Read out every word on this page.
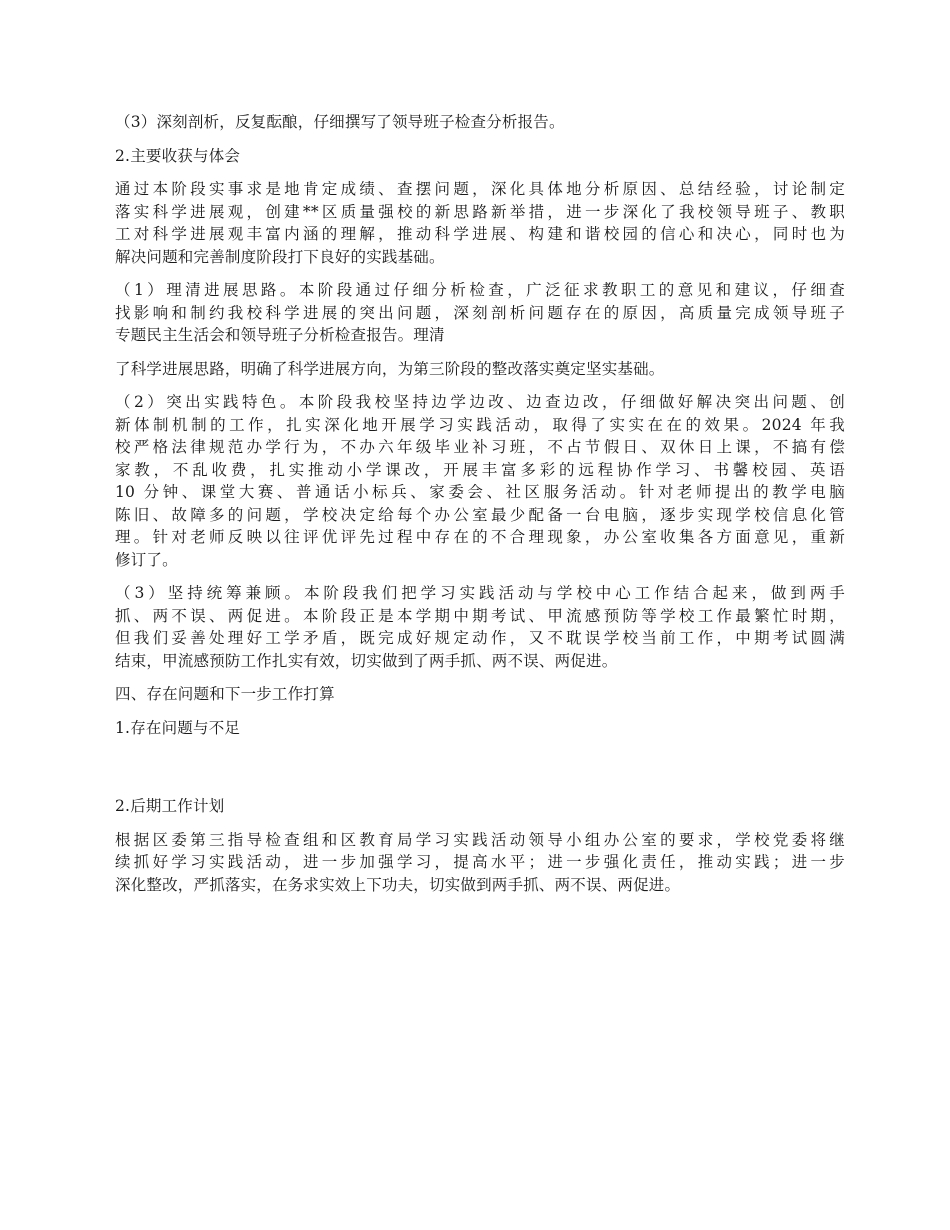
（3）深刻剖析，反复酝酿，仔细撰写了领导班子检查分析报告。
2.主要收获与体会
通过本阶段实事求是地肯定成绩、查摆问题，深化具体地分析原因、总结经验，讨论制定
落实科学进展观，创建**区质量强校的新思路新举措，进一步深化了我校领导班子、教职
工对科学进展观丰富内涵的理解，推动科学进展、构建和谐校园的信心和决心，同时也为
解决问题和完善制度阶段打下良好的实践基础。
（1）理清进展思路。本阶段通过仔细分析检查，广泛征求教职工的意见和建议，仔细查
找影响和制约我校科学进展的突出问题，深刻剖析问题存在的原因，高质量完成领导班子
专题民主生活会和领导班子分析检查报告。理清
了科学进展思路，明确了科学进展方向，为第三阶段的整改落实奠定坚实基础。
（2）突出实践特色。本阶段我校坚持边学边改、边查边改，仔细做好解决突出问题、创
新体制机制的工作，扎实深化地开展学习实践活动，取得了实实在在的效果。2024 年我
校严格法律规范办学行为，不办六年级毕业补习班，不占节假日、双休日上课，不搞有偿
家教，不乱收费，扎实推动小学课改，开展丰富多彩的远程协作学习、书馨校园、英语
10 分钟、课堂大赛、普通话小标兵、家委会、社区服务活动。针对老师提出的教学电脑
陈旧、故障多的问题，学校决定给每个办公室最少配备一台电脑，逐步实现学校信息化管
理。针对老师反映以往评优评先过程中存在的不合理现象，办公室收集各方面意见，重新
修订了。
（3）坚持统筹兼顾。本阶段我们把学习实践活动与学校中心工作结合起来，做到两手
抓、两不误、两促进。本阶段正是本学期中期考试、甲流感预防等学校工作最繁忙时期，
但我们妥善处理好工学矛盾，既完成好规定动作，又不耽误学校当前工作，中期考试圆满
结束，甲流感预防工作扎实有效，切实做到了两手抓、两不误、两促进。
四、存在问题和下一步工作打算
1.存在问题与不足
2.后期工作计划
根据区委第三指导检查组和区教育局学习实践活动领导小组办公室的要求，学校党委将继
续抓好学习实践活动，进一步加强学习，提高水平；进一步强化责任，推动实践；进一步
深化整改，严抓落实，在务求实效上下功夫，切实做到两手抓、两不误、两促进。
